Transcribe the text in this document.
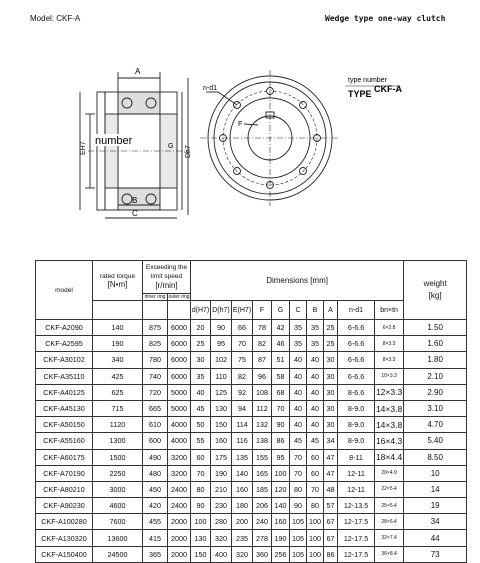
Model: CKF-A	Wedge type one-way clutch
A
B
C
G
EH7	Dh7
number
n-d1
F
type number
TYPE CKF-A
model	rated torque
[N•m]	Exceeding the limit speed
[r/min]		Dimensions [mm]										weight
[kg]
		inner ring	outer ring											
				d(H7)	D(h7)	E(H7)	F	G	C	B	A	n-d1	bn×tn	
CKF-A2090	140	875	6000	20	90	66	78	42	35	35	25	6-6.6	6×2.8	1.50
CKF-A2595	190	825	6000	25	95	70	82	46	35	35	25	6-6.6	8×3.3	1.60
CKF-A30102	340	780	6000	30	102	75	87	51	40	40	30	6-6.6	8×3.3	1.80
CKF-A35110	425	740	6000	35	110	82	96	58	40	40	30	6-6.6	10×3.3	2.10
CKF-A40125	625	720	5000	40	125	92	108	68	40	40	30	8-6.6	12×3.3	2.90
CKF-A45130	715	665	5000	45	130	94	112	70	40	40	30	8-9.0	14×3.8	3.10
CKF-A50150	1120	610	4000	50	150	114	132	90	40	40	30	8-9.0	14×3.8	4.70
CKF-A55160	1300	600	4000	55	160	116	138	86	45	45	34	8-9.0	16×4.3	5.40
CKF-A60175	1500	490	3200	60	175	135	155	95	70	60	47	8-11	18×4.4	8.50
CKF-A70190	2250	480	3200	70	190	140	165	100	70	60	47	12-11	20×4.9	10
CKF-A80210	3000	450	2400	80	210	160	185	120	80	70	48	12-11	22×5.4	14
CKF-A90230	4600	420	2400	90	230	180	206	140	90	80	57	12-13.5	25×5.4	19
CKF-A100280	7600	455	2000	100	280	200	240	160	105	100	67	12-17.5	28×6.4	34
CKF-A130320	13600	415	2000	130	320	235	278	190	105	100	67	12-17.5	32×7.4	44
CKF-A150400	24500	365	2000	150	400	320	360	256	105	100	86	12-17.5	36×8.4	73
